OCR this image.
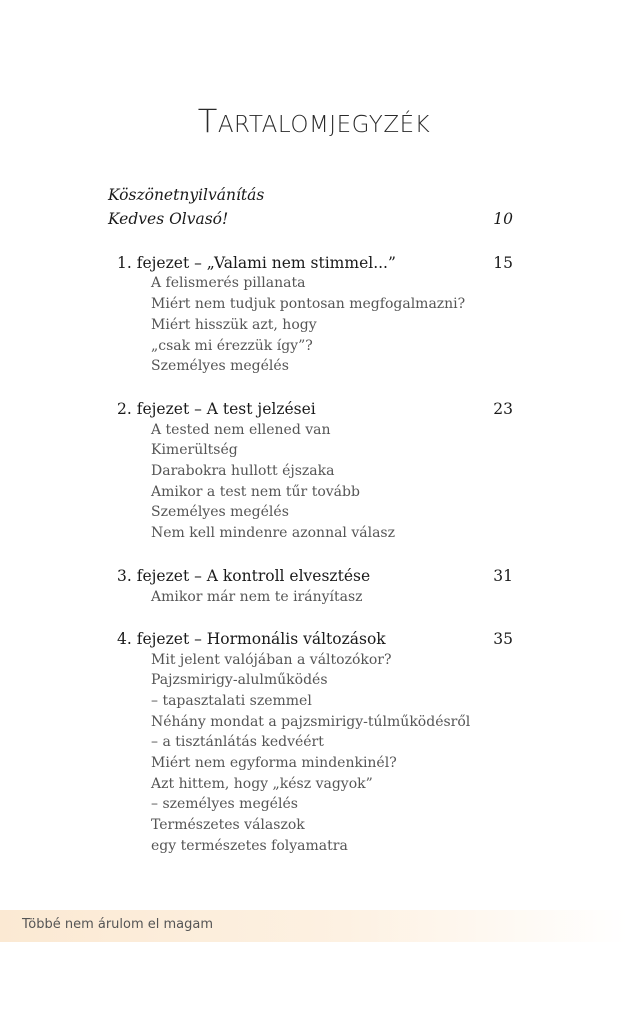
TARTALOMJEGYZÉK
Köszönetnyilvánítás
Kedves Olvasó!	10
1. fejezet – „Valami nem stimmel...”	15
A felismerés pillanata
Miért nem tudjuk pontosan megfogalmazni?
Miért hisszük azt, hogy
„csak mi érezzük így”?
Személyes megélés
2. fejezet – A test jelzései	23
A tested nem ellened van
Kimerültség
Darabokra hullott éjszaka
Amikor a test nem tűr tovább
Személyes megélés
Nem kell mindenre azonnal válasz
3. fejezet – A kontroll elvesztése	31
Amikor már nem te irányítasz
4. fejezet – Hormonális változások	35
Mit jelent valójában a változókor?
Pajzsmirigy-alulműködés
– tapasztalati szemmel
Néhány mondat a pajzsmirigy-túlműködésről
– a tisztánlátás kedvéért
Miért nem egyforma mindenkinél?
Azt hittem, hogy „kész vagyok”
– személyes megélés
Természetes válaszok
egy természetes folyamatra
Többé nem árulom el magam
